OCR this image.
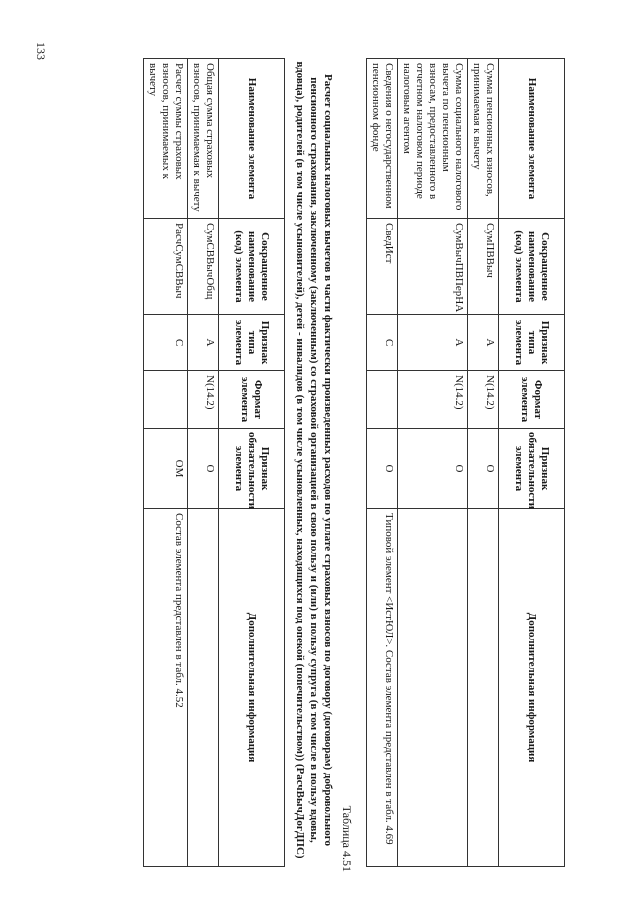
133
Наименование элемента	Сокращенное наименование (код) элемента	Признак типа элемента	Формат элемента	Признак обязательности элемента	Дополнительная информация
Сумма пенсионных взносов, принимаемая к вычету	СумПВВыч	А	N(14.2)	О	
Сумма социального налогового вычета по пенсионным взносам, предоставленного в отчетном налоговом периоде налоговым агентом	СумВычПВПерНА	А	N(14.2)	О	
Сведения о негосударственном пенсионном фонде	СведИст	С		О	Типовой элемент <ИстЮЛ>. Состав элемента представлен в табл. 4.69
Таблица 4.51
Расчет социальных налоговых вычетов в части фактически произведенных расходов по уплате страховых взносов по договору (договорам) добровольного пенсионного страхования, заключенному (заключенным) со страховой организацией в свою пользу и (или) в пользу супруга (в том числе в пользу вдовы, вдовца), родителей (в том числе усыновителей), детей - инвалидов (в том числе усыновленных, находящихся под опекой (попечительством)) (РасчВычДогДПС)
Наименование элемента	Сокращенное наименование (код) элемента	Признак типа элемента	Формат элемента	Признак обязательности элемента	Дополнительная информация
Общая сумма страховых взносов, принимаемая к вычету	СумСВВычОбщ	А	N(14.2)	О	
Расчет суммы страховых взносов, принимаемых к вычету	РасчСумСВВыч	С		ОМ	Состав элемента представлен в табл. 4.52
